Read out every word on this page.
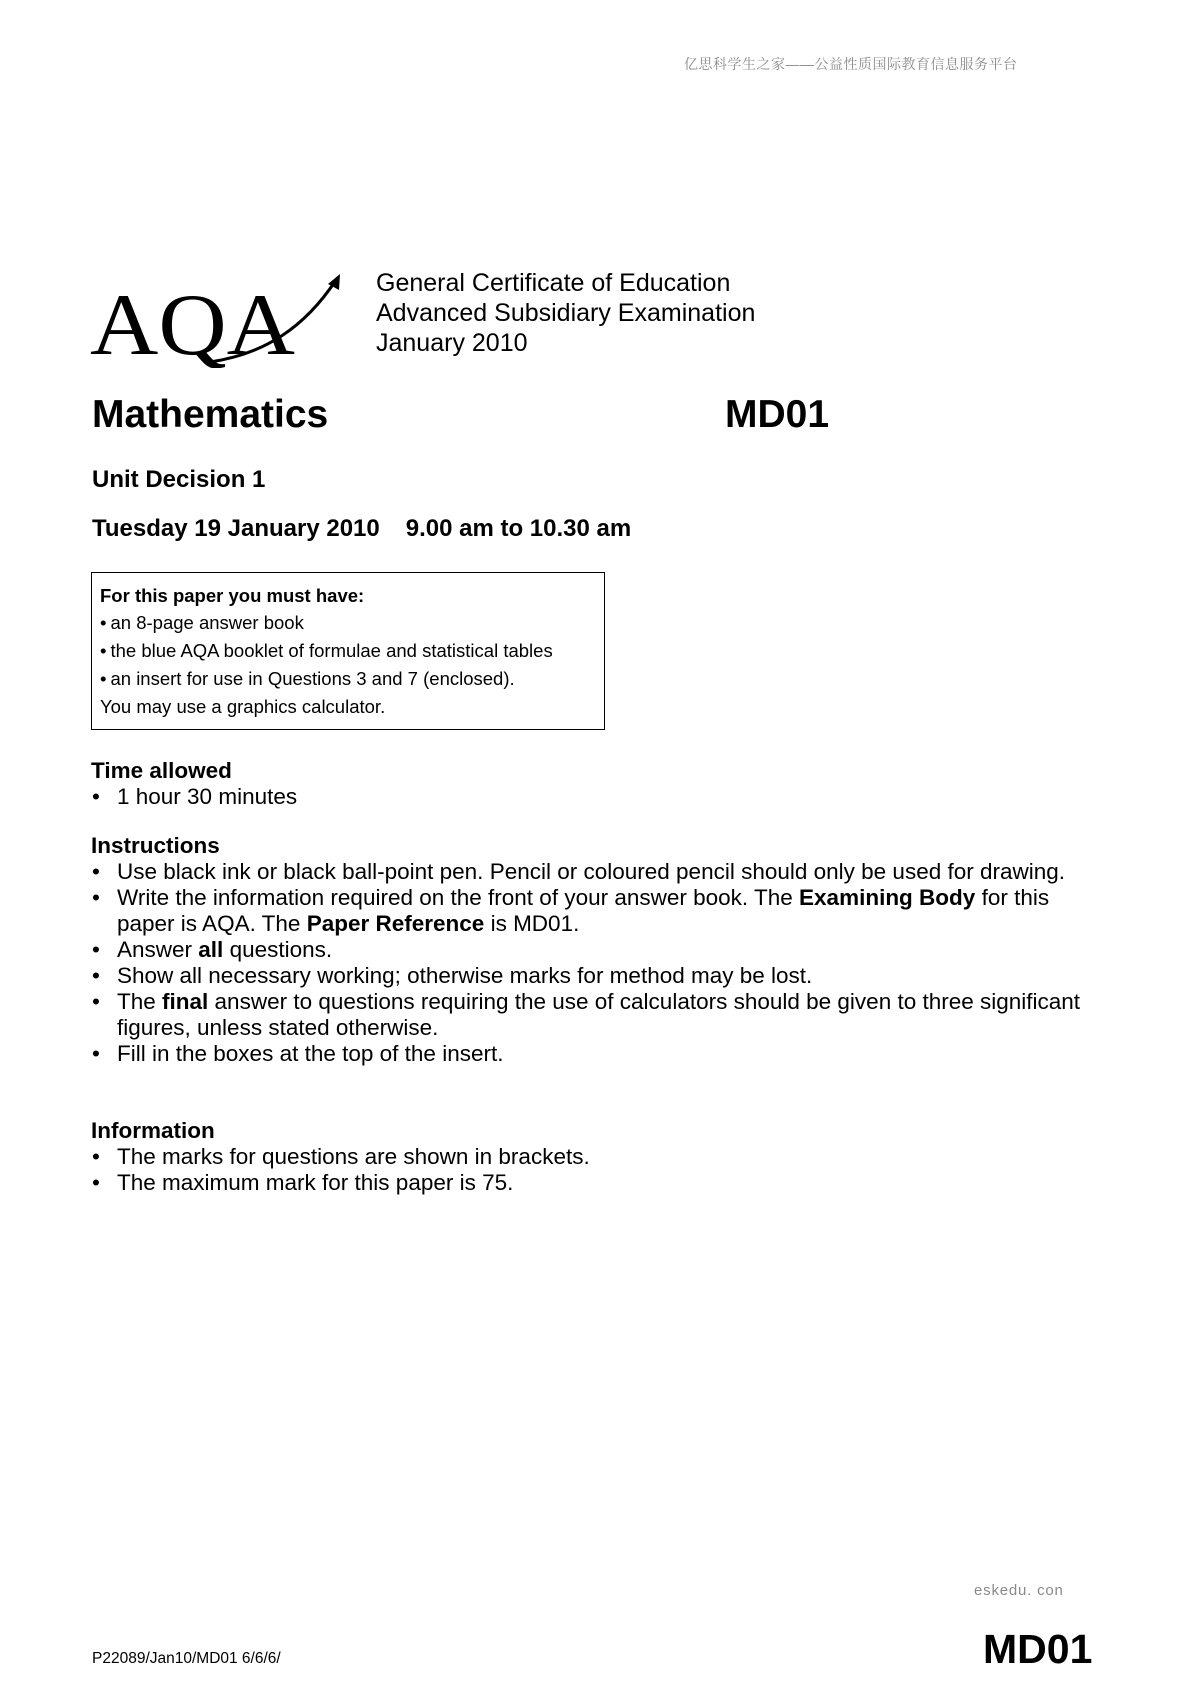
亿思科学生之家——公益性质国际教育信息服务平台
AQA	General Certificate of Education
Advanced Subsidiary Examination
January 2010
Mathematics	MD01
Unit Decision 1
Tuesday 19 January 2010 9.00 am to 10.30 am
For this paper you must have:
• an 8-page answer book
• the blue AQA booklet of formulae and statistical tables
• an insert for use in Questions 3 and 7 (enclosed).
You may use a graphics calculator.
Time allowed
• 1 hour 30 minutes
Instructions
• Use black ink or black ball-point pen. Pencil or coloured pencil should only be used for drawing.
• Write the information required on the front of your answer book. The Examining Body for this paper is AQA. The Paper Reference is MD01.
• Answer all questions.
• Show all necessary working; otherwise marks for method may be lost.
• The final answer to questions requiring the use of calculators should be given to three significant figures, unless stated otherwise.
• Fill in the boxes at the top of the insert.
Information
• The marks for questions are shown in brackets.
• The maximum mark for this paper is 75.
eskedu. con
P22089/Jan10/MD01 6/6/6/	MD01
